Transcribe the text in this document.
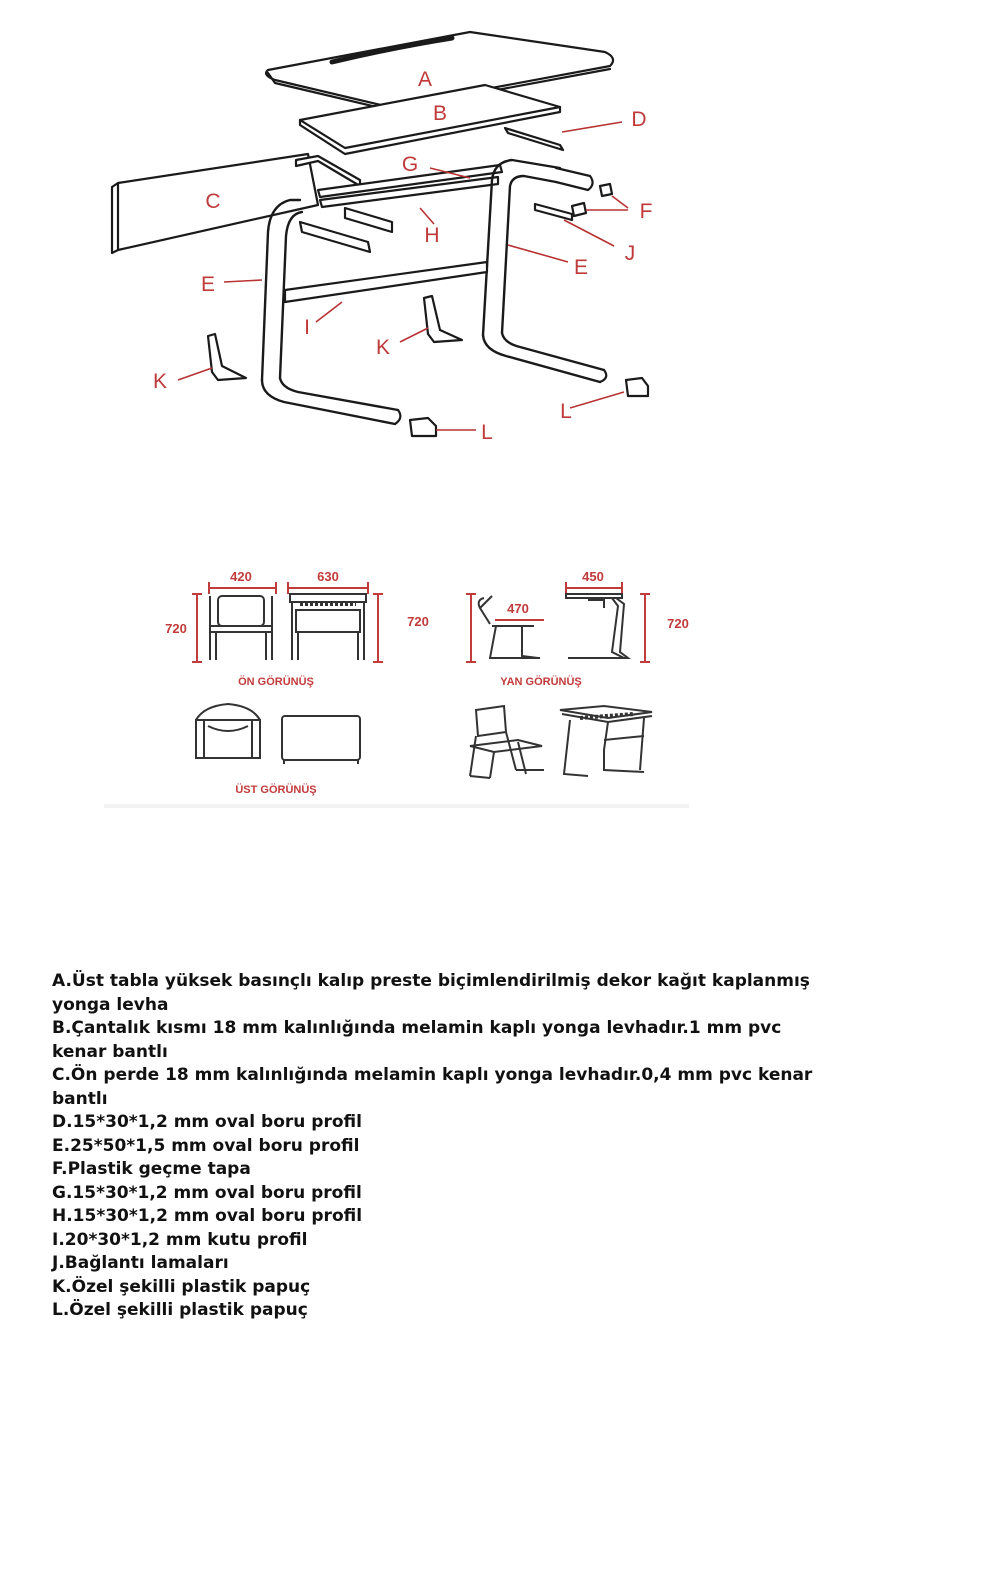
A
B
C
D
G
F
H
J
E
E
I
K
K
L
L
420	630
720	720
470
450
720
ÖN GÖRÜNÜŞ	YAN GÖRÜNÜŞ
ÜST GÖRÜNÜŞ

A.Üst tabla yüksek basınçlı kalıp preste biçimlendirilmiş dekor kağıt kaplanmış yonga levha

B.Çantalık kısmı 18 mm kalınlığında melamin kaplı yonga levhadır.1 mm pvc kenar bantlı

C.Ön perde 18 mm kalınlığında melamin kaplı yonga levhadır.0,4 mm pvc kenar bantlı

D.15*30*1,2 mm oval boru profil

E.25*50*1,5 mm oval boru profil

F.Plastik geçme tapa

G.15*30*1,2 mm oval boru profil

H.15*30*1,2 mm oval boru profil

I.20*30*1,2 mm kutu profil

J.Bağlantı lamaları

K.Özel şekilli plastik papuç

L.Özel şekilli plastik papuç
